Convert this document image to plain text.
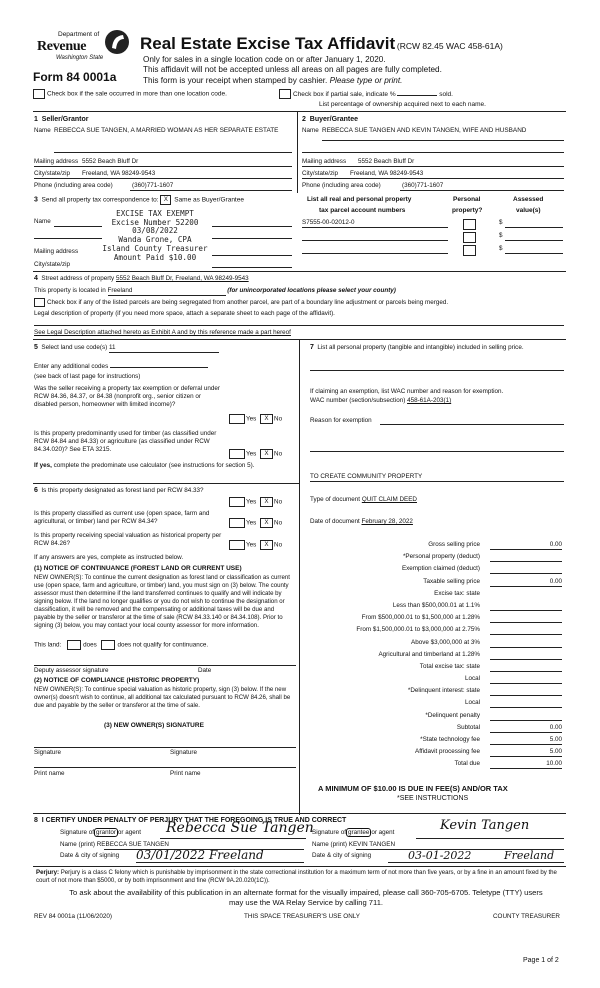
Department of
Revenue
Washington State
Form 84 0001a
Real Estate Excise Tax Affidavit (RCW 82.45 WAC 458-61A)
Only for sales in a single location code on or after January 1, 2020.
This affidavit will not be accepted unless all areas on all pages are fully completed.
This form is your receipt when stamped by cashier. Please type or print.
Check box if the sale occurred in more than one location code.	Check box if partial sale, indicate %	sold.
List percentage of ownership acquired next to each name.
1 Seller/Grantor
Name REBECCA SUE TANGEN, A MARRIED WOMAN AS HER SEPARATE ESTATE
Mailing address 5552 Beach Bluff Dr
City/state/zip Freeland, WA 98249-9543
Phone (including area code)	(360)771-1607
2 Buyer/Grantee
Name REBECCA SUE TANGEN AND KEVIN TANGEN, WIFE AND HUSBAND
Mailing address 5552 Beach Bluff Dr
City/state/zip Freeland, WA 98249-9543
Phone (including area code)	(360)771-1607
3 Send all property tax correspondence to: X Same as Buyer/Grantee
Name
Mailing address
City/state/zip
EXCISE TAX EXEMPT
Excise Number 52200
03/08/2022
Wanda Grone, CPA
Island County Treasurer
Amount Paid $10.00
List all real and personal property
tax parcel account numbers
Personal
property?
Assessed
value(s)
S7555-00-02012-0	$
$
$
4 Street address of property 5552 Beach Bluff Dr, Freeland, WA 98249-9543
This property is located in Freeland	(for unincorporated locations please select your county)
Check box if any of the listed parcels are being segregated from another parcel, are part of a boundary line adjustment or parcels being merged.
Legal description of property (if you need more space, attach a separate sheet to each page of the affidavit).
See Legal Description attached hereto as Exhibit A and by this reference made a part hereof
5 Select land use code(s) 11
Enter any additional codes
(see back of last page for instructions)
Was the seller receiving a property tax exemption or deferral under RCW 84.36, 84.37, or 84.38 (nonprofit org., senior citizen or disabled person, homeowner with limited income)?
Yes X No
Is this property predominantly used for timber (as classified under RCW 84.84 and 84.33) or agriculture (as classified under RCW 84.34.020)? See ETA 3215.
Yes X No
If yes, complete the predominate use calculator (see instructions for section 5).
7 List all personal property (tangible and intangible) included in selling price.
If claiming an exemption, list WAC number and reason for exemption.
WAC number (section/subsection) 458-61A-203(1)
Reason for exemption
TO CREATE COMMUNITY PROPERTY
6 Is this property designated as forest land per RCW 84.33?
Yes X No
Is this property classified as current use (open space, farm and agricultural, or timber) land per RCW 84.34?	Yes X No
Is this property receiving special valuation as historical property per RCW 84.26?	Yes X No
If any answers are yes, complete as instructed below.
(1) NOTICE OF CONTINUANCE (FOREST LAND OR CURRENT USE)
NEW OWNER(S): To continue the current designation as forest land or classification as current use (open space, farm and agriculture, or timber) land, you must sign on (3) below. The county assessor must then determine if the land transferred continues to qualify and will indicate by signing below. If the land no longer qualifies or you do not wish to continue the designation or classification, it will be removed and the compensating or additional taxes will be due and payable by the seller or transferor at the time of sale (RCW 84.33.140 or 84.34.108). Prior to signing (3) below, you may contact your local county assessor for more information.
This land:	does	does not qualify for continuance.
Deputy assessor signature	Date
(2) NOTICE OF COMPLIANCE (HISTORIC PROPERTY)
NEW OWNER(S): To continue special valuation as historic property, sign (3) below. If the new owner(s) doesn't wish to continue, all additional tax calculated pursuant to RCW 84.26, shall be due and payable by the seller or transferor at the time of sale.
(3) NEW OWNER(S) SIGNATURE
Signature	Signature
Print name	Print name
Type of document QUIT CLAIM DEED
Date of document February 28, 2022
Gross selling price	0.00
*Personal property (deduct)
Exemption claimed (deduct)
Taxable selling price	0.00
Excise tax: state
Less than $500,000.01 at 1.1%
From $500,000.01 to $1,500,000 at 1.28%
From $1,500,000.01 to $3,000,000 at 2.75%
Above $3,000,000 at 3%
Agricultural and timberland at 1.28%
Total excise tax: state
Local
*Delinquent interest: state
Local
*Delinquent penalty
Subtotal	0.00
*State technology fee	5.00
Affidavit processing fee	5.00
Total due	10.00
A MINIMUM OF $10.00 IS DUE IN FEE(S) AND/OR TAX
*SEE INSTRUCTIONS
8 I CERTIFY UNDER PENALTY OF PERJURY THAT THE FOREGOING IS TRUE AND CORRECT
Signature of grantor or agent Rebecca Sue Tangen
Name (print) REBECCA SUE TANGEN
Date & city of signing 03/01/2022 Freeland
Signature of grantee or agent	Kevin Tangen
Name (print) KEVIN TANGEN
Date & city of signing	03-01-2022	Freeland
Perjury: Perjury is a class C felony which is punishable by imprisonment in the state correctional institution for a maximum term of not more than five years, or by a fine in an amount fixed by the court of not more than $5000, or by both imprisonment and fine (RCW 9A.20.020(1C)).
To ask about the availability of this publication in an alternate format for the visually impaired, please call 360-705-6705. Teletype (TTY) users may use the WA Relay Service by calling 711.
REV 84 0001a (11/06/2020)	THIS SPACE TREASURER'S USE ONLY	COUNTY TREASURER
Page 1 of 2
